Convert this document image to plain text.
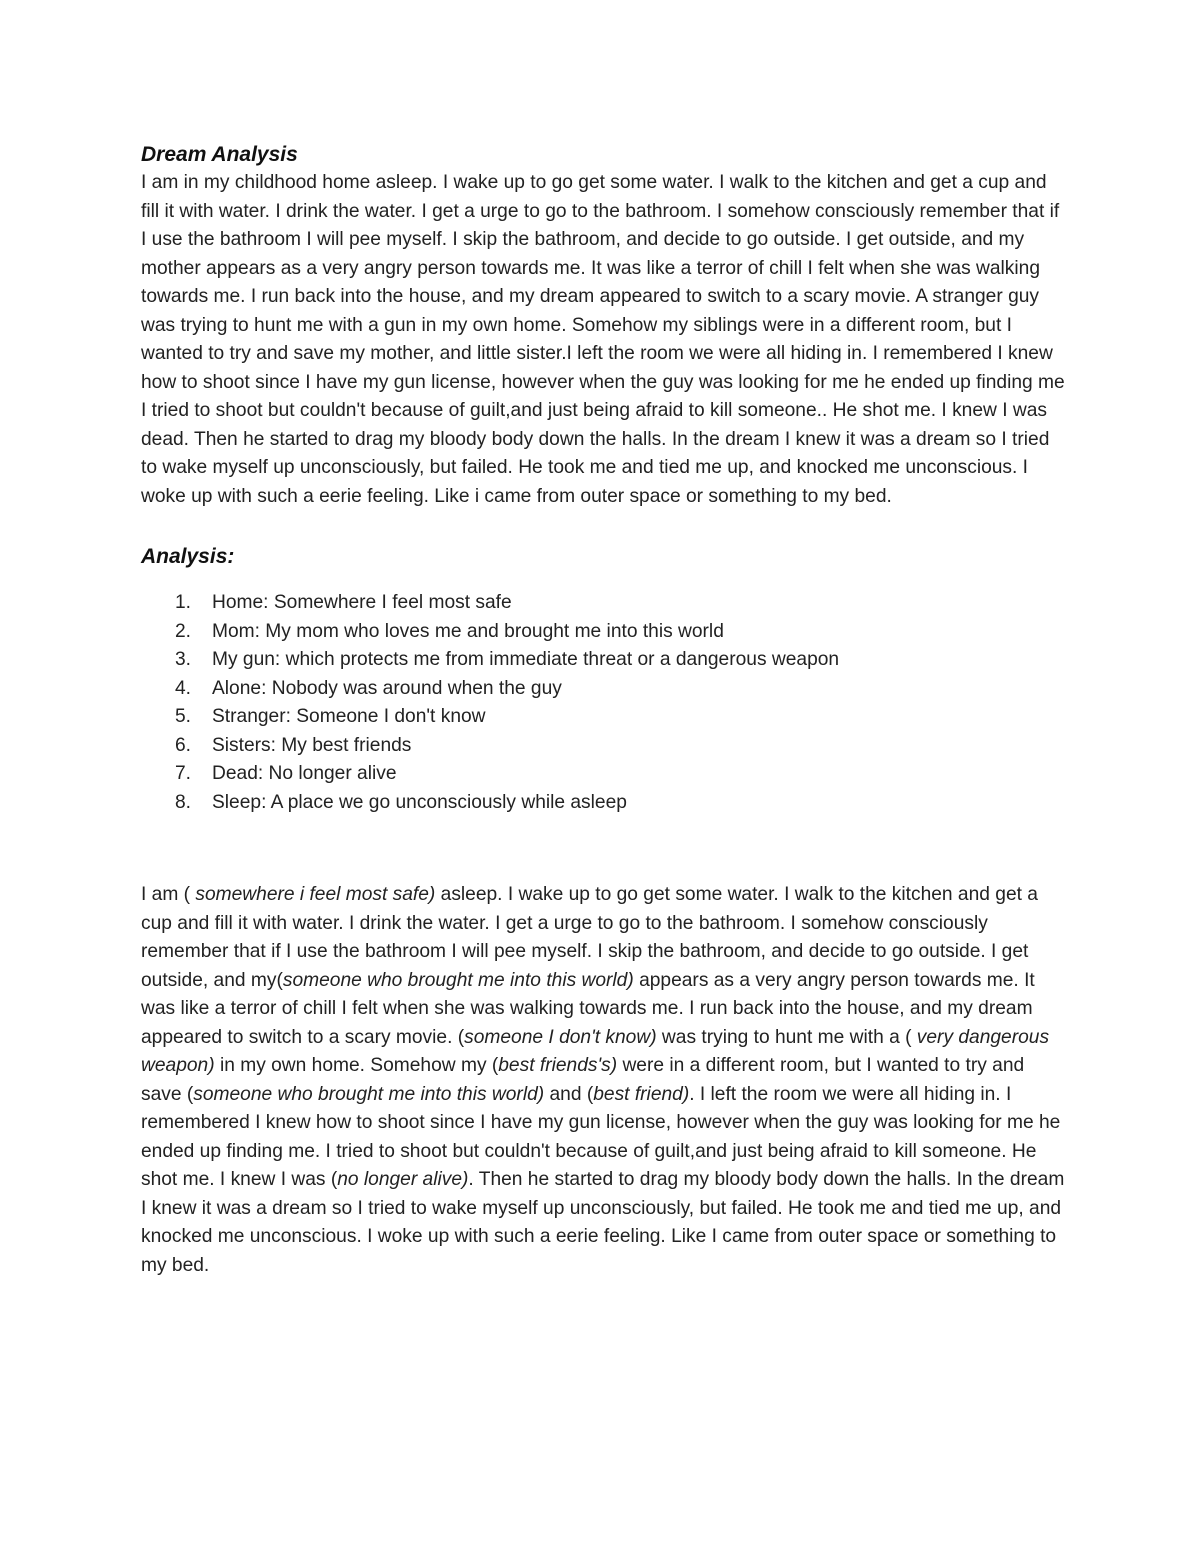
Dream Analysis

I am in my childhood home asleep. I wake up to go get some water. I walk to the kitchen and get a cup and fill it with water. I drink the water. I get a urge to go to the bathroom. I somehow consciously remember that if I use the bathroom I will pee myself. I skip the bathroom, and decide to go outside. I get outside, and my mother appears as a very angry person towards me. It was like a terror of chill I felt when she was walking towards me. I run back into the house, and my dream appeared to switch to a scary movie. A stranger guy was trying to hunt me with a gun in my own home. Somehow my siblings were in a different room, but I wanted to try and save my mother, and little sister.I left the room we were all hiding in. I remembered I knew how to shoot since I have my gun license, however when the guy was looking for me he ended up finding me I tried to shoot but couldn't because of guilt,and just being afraid to kill someone.. He shot me. I knew I was dead. Then he started to drag my bloody body down the halls. In the dream I knew it was a dream so I tried to wake myself up unconsciously, but failed. He took me and tied me up, and knocked me unconscious. I woke up with such a eerie feeling. Like i came from outer space or something to my bed.

Analysis:
1.	Home: Somewhere I feel most safe
2.	Mom: My mom who loves me and brought me into this world
3.	My gun: which protects me from immediate threat or a dangerous weapon
4.	Alone: Nobody was around when the guy
5.	Stranger: Someone I don't know
6.	Sisters: My best friends
7.	Dead: No longer alive
8.	Sleep: A place we go unconsciously while asleep

I am ( somewhere i feel most safe) asleep. I wake up to go get some water. I walk to the kitchen and get a cup and fill it with water. I drink the water. I get a urge to go to the bathroom. I somehow consciously remember that if I use the bathroom I will pee myself. I skip the bathroom, and decide to go outside. I get outside, and my(someone who brought me into this world) appears as a very angry person towards me. It was like a terror of chill I felt when she was walking towards me. I run back into the house, and my dream appeared to switch to a scary movie. (someone I don't know) was trying to hunt me with a ( very dangerous weapon) in my own home. Somehow my (best friends's) were in a different room, but I wanted to try and save (someone who brought me into this world) and (best friend). I left the room we were all hiding in. I remembered I knew how to shoot since I have my gun license, however when the guy was looking for me he ended up finding me. I tried to shoot but couldn't because of guilt,and just being afraid to kill someone. He shot me. I knew I was (no longer alive). Then he started to drag my bloody body down the halls. In the dream I knew it was a dream so I tried to wake myself up unconsciously, but failed. He took me and tied me up, and knocked me unconscious. I woke up with such a eerie feeling. Like I came from outer space or something to my bed.
